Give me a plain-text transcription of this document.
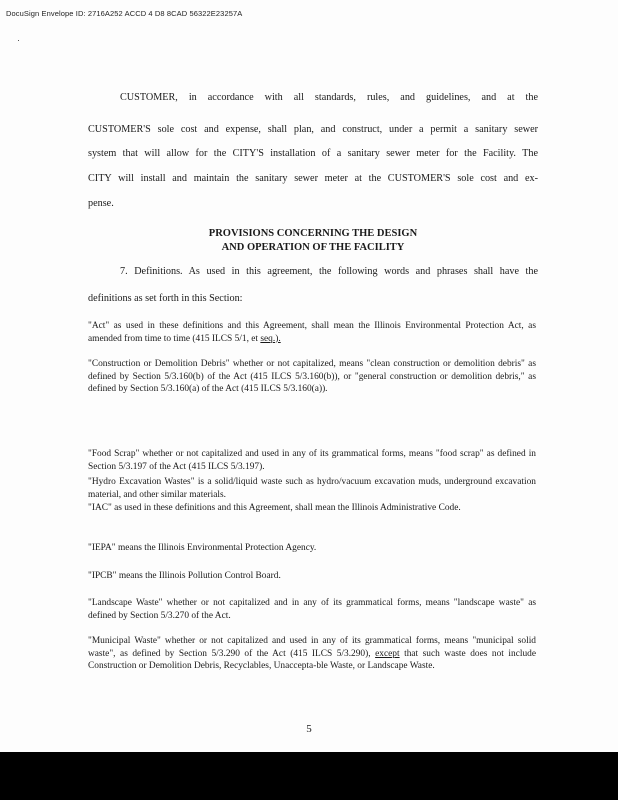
DocuSign Envelope ID: 2716A252 ACCD 4 D8 8CAD 56322E23257A
CUSTOMER, in accordance with all standards, rules, and guidelines, and at the
CUSTOMER'S sole cost and expense, shall plan, and construct, under a permit a sanitary sewer
system that will allow for the CITY'S installation of a sanitary sewer meter for the Facility. The
CITY will install and maintain the sanitary sewer meter at the CUSTOMER'S sole cost and ex-
pense.
PROVISIONS CONCERNING THE DESIGN
AND OPERATION OF THE FACILITY
7. Definitions. As used in this agreement, the following words and phrases shall have the
definitions as set forth in this Section:
"Act" as used in these definitions and this Agreement, shall mean the Illinois Environmental Protection Act, as amended from time to time (415 ILCS 5/1, et seq.).
"Construction or Demolition Debris" whether or not capitalized, means "clean construction or demolition debris" as defined by Section 5/3.160(b) of the Act (415 ILCS 5/3.160(b)), or "general construction or demolition debris," as defined by Section 5/3.160(a) of the Act (415 ILCS 5/3.160(a)).
"Food Scrap" whether or not capitalized and used in any of its grammatical forms, means "food scrap" as defined in Section 5/3.197 of the Act (415 ILCS 5/3.197).
"Hydro Excavation Wastes" is a solid/liquid waste such as hydro/vacuum excavation muds, underground excavation material, and other similar materials.
"IAC" as used in these definitions and this Agreement, shall mean the Illinois Administrative Code.
"IEPA" means the Illinois Environmental Protection Agency.
"IPCB" means the Illinois Pollution Control Board.
"Landscape Waste" whether or not capitalized and in any of its grammatical forms, means "landscape waste" as defined by Section 5/3.270 of the Act.
"Municipal Waste" whether or not capitalized and used in any of its grammatical forms, means "municipal solid waste", as defined by Section 5/3.290 of the Act (415 ILCS 5/3.290), except that such waste does not include Construction or Demolition Debris, Recyclables, Unaccepta-ble Waste, or Landscape Waste.
5
